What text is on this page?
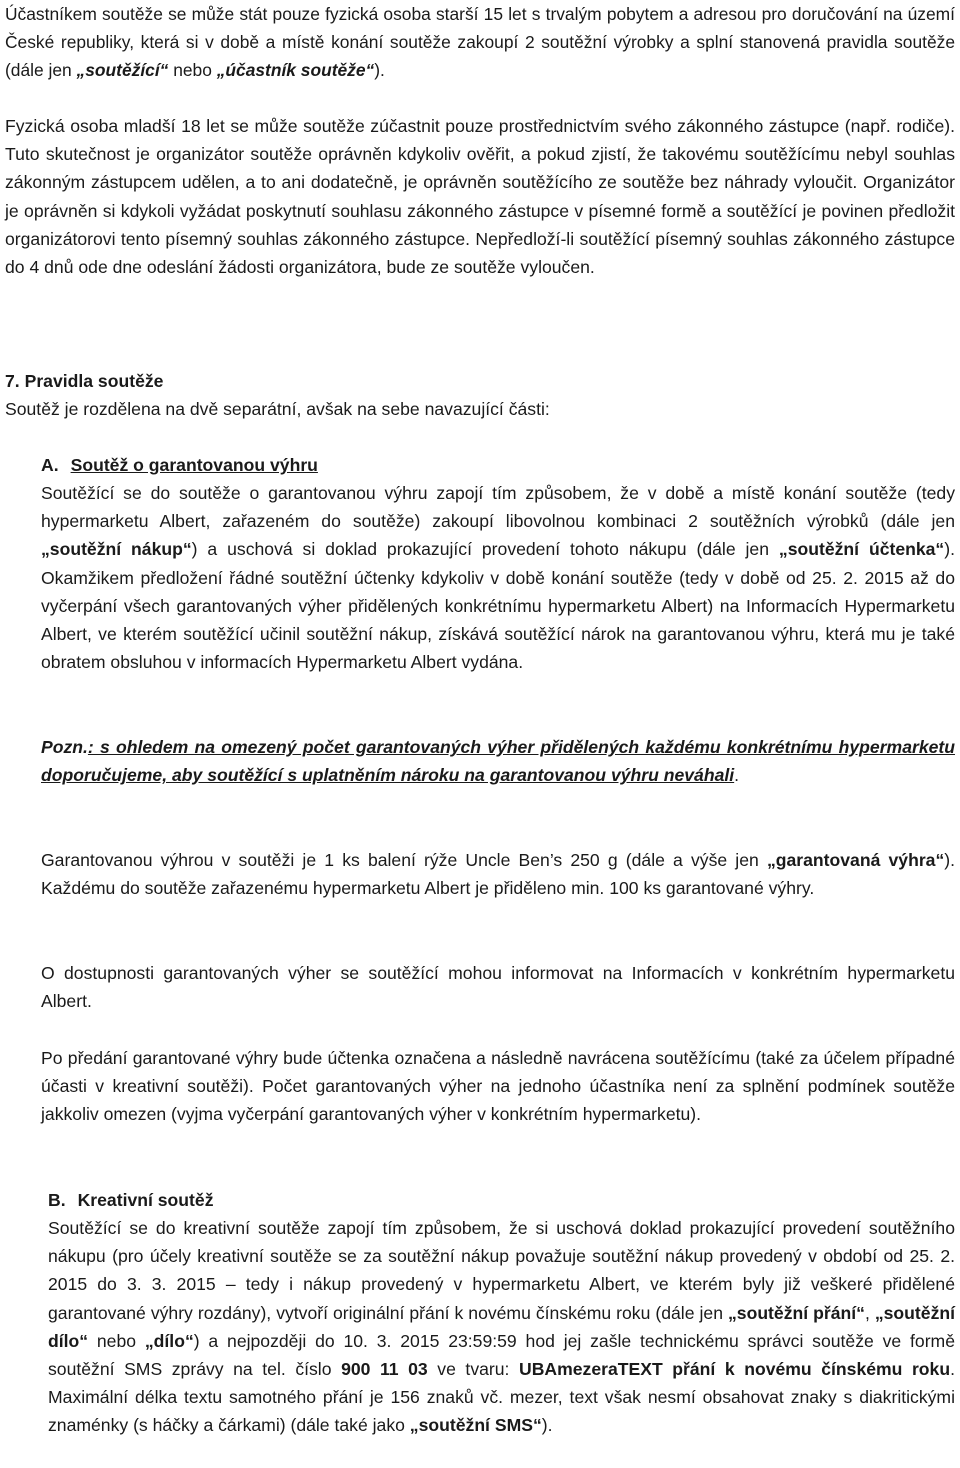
Účastníkem soutěže se může stát pouze fyzická osoba starší 15 let s trvalým pobytem a adresou pro doručování na území České republiky, která si v době a místě konání soutěže zakoupí 2 soutěžní výrobky a splní stanovená pravidla soutěže (dále jen „soutěžící“ nebo „účastník soutěže“).

Fyzická osoba mladší 18 let se může soutěže zúčastnit pouze prostřednictvím svého zákonného zástupce (např. rodiče). Tuto skutečnost je organizátor soutěže oprávněn kdykoliv ověřit, a pokud zjistí, že takovému soutěžícímu nebyl souhlas zákonným zástupcem udělen, a to ani dodatečně, je oprávněn soutěžícího ze soutěže bez náhrady vyloučit. Organizátor je oprávněn si kdykoli vyžádat poskytnutí souhlasu zákonného zástupce v písemné formě a soutěžící je povinen předložit organizátorovi tento písemný souhlas zákonného zástupce. Nepředloží-li soutěžící písemný souhlas zákonného zástupce do 4 dnů ode dne odeslání žádosti organizátora, bude ze soutěže vyloučen.

7. Pravidla soutěže

Soutěž je rozdělena na dvě separátní, avšak na sebe navazující části:

A. Soutěž o garantovanou výhru

Soutěžící se do soutěže o garantovanou výhru zapojí tím způsobem, že v době a místě konání soutěže (tedy hypermarketu Albert, zařazeném do soutěže) zakoupí libovolnou kombinaci 2 soutěžních výrobků (dále jen „soutěžní nákup“) a uschová si doklad prokazující provedení tohoto nákupu (dále jen „soutěžní účtenka“). Okamžikem předložení řádné soutěžní účtenky kdykoliv v době konání soutěže (tedy v době od 25. 2. 2015 až do vyčerpání všech garantovaných výher přidělených konkrétnímu hypermarketu Albert) na Informacích Hypermarketu Albert, ve kterém soutěžící učinil soutěžní nákup, získává soutěžící nárok na garantovanou výhru, která mu je také obratem obsluhou v informacích Hypermarketu Albert vydána.

Pozn.: s ohledem na omezený počet garantovaných výher přidělených každému konkrétnímu hypermarketu doporučujeme, aby soutěžící s uplatněním nároku na garantovanou výhru neváhali.

Garantovanou výhrou v soutěži je 1 ks balení rýže Uncle Ben’s 250 g (dále a výše jen „garantovaná výhra“). Každému do soutěže zařazenému hypermarketu Albert je přiděleno min. 100 ks garantované výhry.

O dostupnosti garantovaných výher se soutěžící mohou informovat na Informacích v konkrétním hypermarketu Albert.

Po předání garantované výhry bude účtenka označena a následně navrácena soutěžícímu (také za účelem případné účasti v kreativní soutěži). Počet garantovaných výher na jednoho účastníka není za splnění podmínek soutěže jakkoliv omezen (vyjma vyčerpání garantovaných výher v konkrétním hypermarketu).

B. Kreativní soutěž

Soutěžící se do kreativní soutěže zapojí tím způsobem, že si uschová doklad prokazující provedení soutěžního nákupu (pro účely kreativní soutěže se za soutěžní nákup považuje soutěžní nákup provedený v období od 25. 2. 2015 do 3. 3. 2015 – tedy i nákup provedený v hypermarketu Albert, ve kterém byly již veškeré přidělené garantované výhry rozdány), vytvoří originální přání k novému čínskému roku (dále jen „soutěžní přání“, „soutěžní dílo“ nebo „dílo“) a nejpozději do 10. 3. 2015 23:59:59 hod jej zašle technickému správci soutěže ve formě soutěžní SMS zprávy na tel. číslo 900 11 03 ve tvaru: UBAmezeraTEXT přání k novému čínskému roku. Maximální délka textu samotného přání je 156 znaků vč. mezer, text však nesmí obsahovat znaky s diakritickými znaménky (s háčky a čárkami) (dále také jako „soutěžní SMS“).
